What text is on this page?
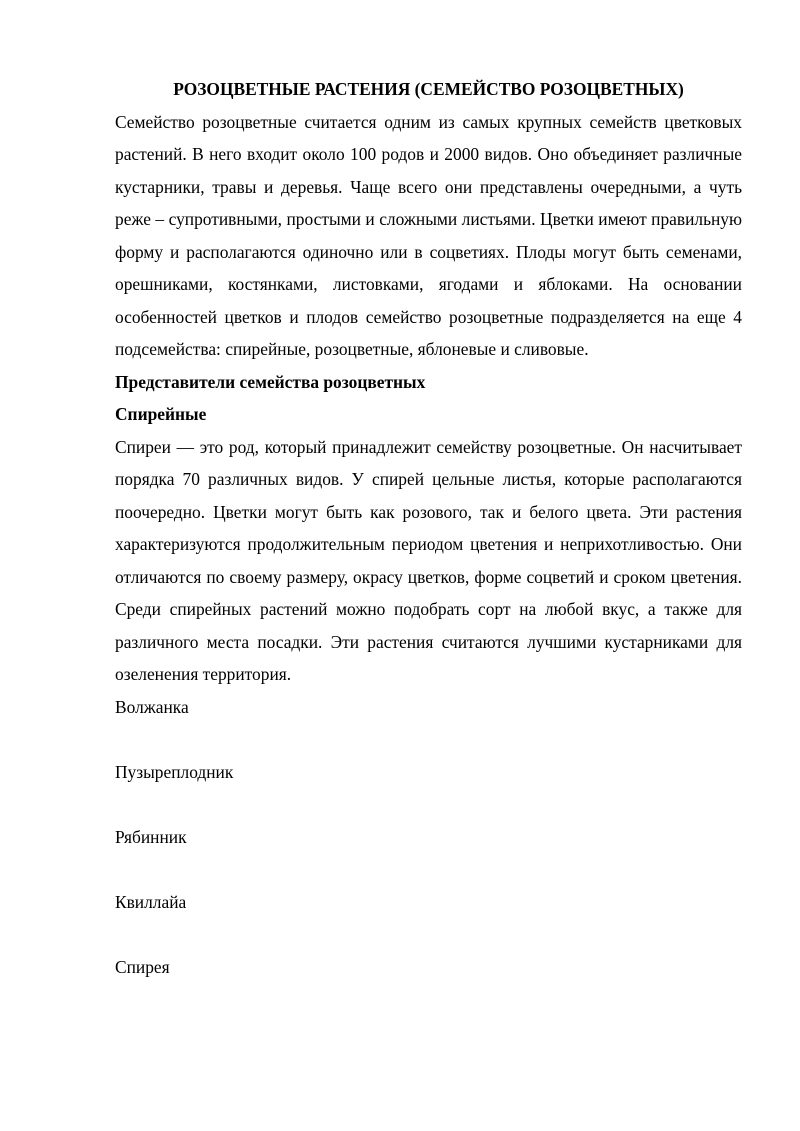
РОЗОЦВЕТНЫЕ РАСТЕНИЯ (СЕМЕЙСТВО РОЗОЦВЕТНЫХ)

Семейство розоцветные считается одним из самых крупных семейств цветковых растений. В него входит около 100 родов и 2000 видов. Оно объединяет различные кустарники, травы и деревья. Чаще всего они представлены очередными, а чуть реже – супротивными, простыми и сложными листьями. Цветки имеют правильную форму и располагаются одиночно или в соцветиях. Плоды могут быть семенами, орешниками, костянками, листовками, ягодами и яблоками. На основании особенностей цветков и плодов семейство розоцветные подразделяется на еще 4 подсемейства: спирейные, розоцветные, яблоневые и сливовые.

Представители семейства розоцветных

Спирейные

Спиреи — это род, который принадлежит семейству розоцветные. Он насчитывает порядка 70 различных видов. У спирей цельные листья, которые располагаются поочередно. Цветки могут быть как розового, так и белого цвета. Эти растения характеризуются продолжительным периодом цветения и неприхотливостью. Они отличаются по своему размеру, окрасу цветков, форме соцветий и сроком цветения. Среди спирейных растений можно подобрать сорт на любой вкус, а также для различного места посадки. Эти растения считаются лучшими кустарниками для озеленения территория.

Волжанка
Пузыреплодник
Рябинник
Квиллайа
Спирея
